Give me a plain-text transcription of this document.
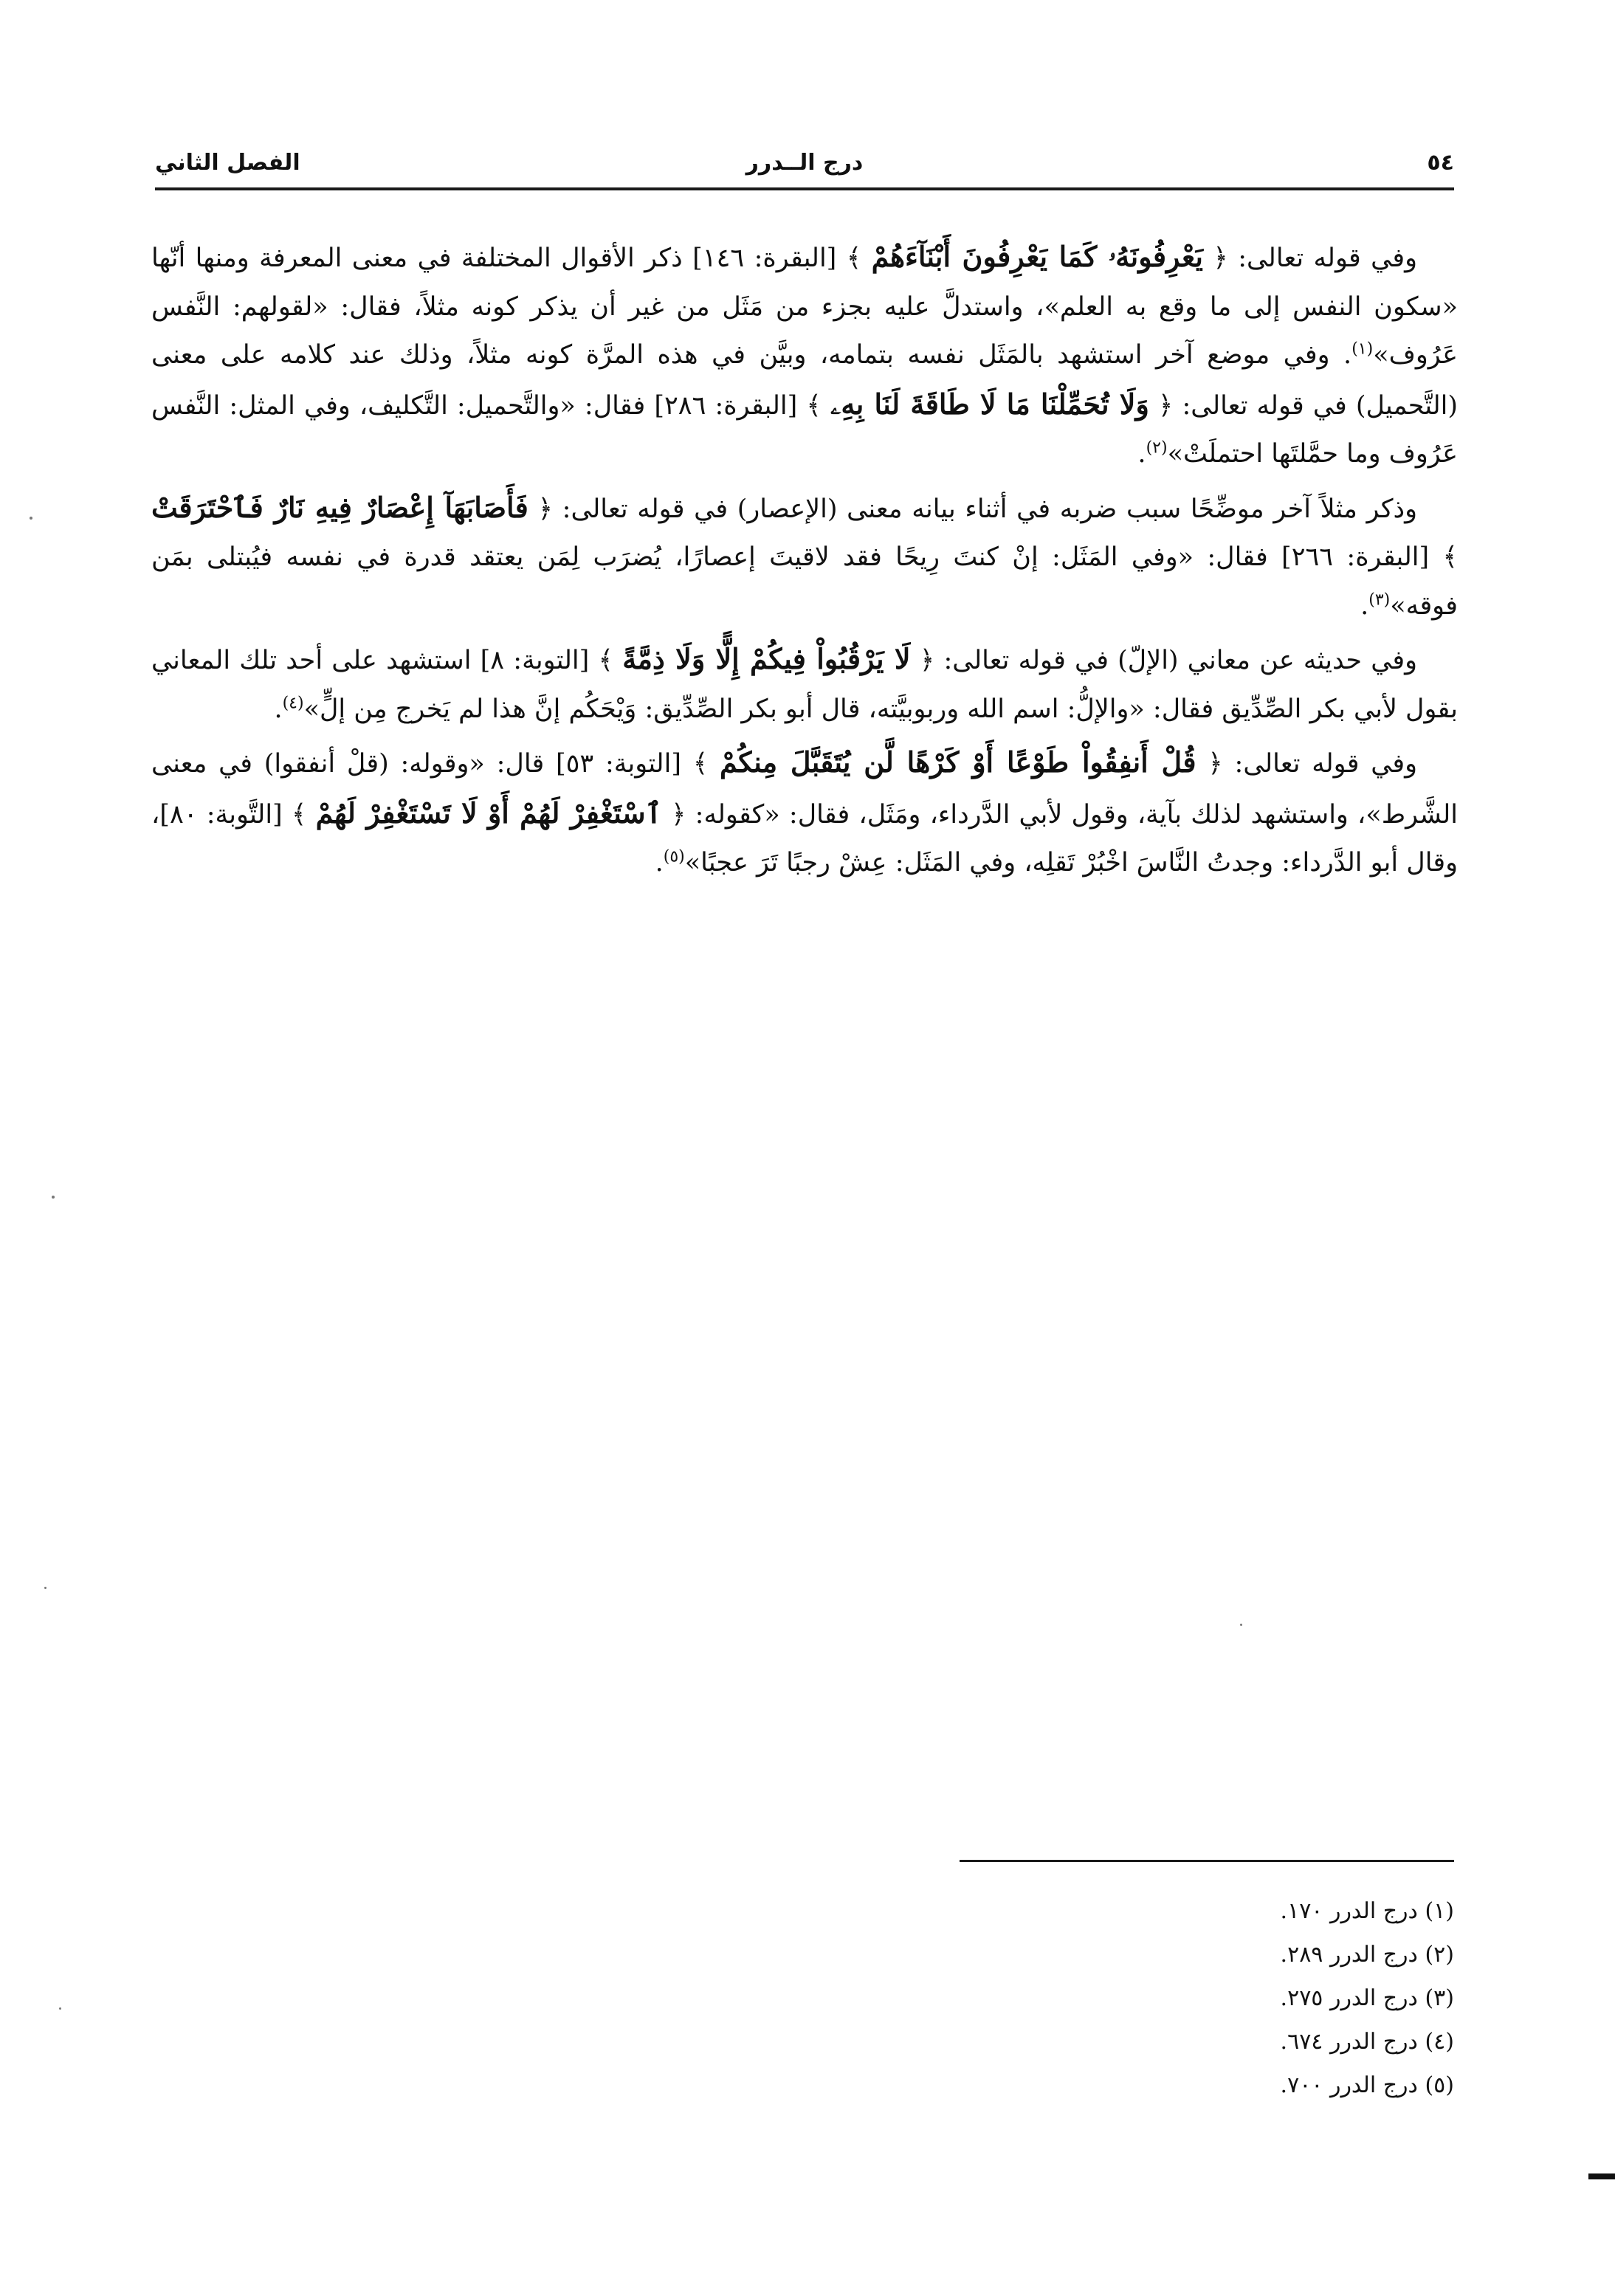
٥٤
درج الــدرر
الفصل الثاني

وفي قوله تعالى: ﴿ يَعْرِفُونَهُۥ كَمَا يَعْرِفُونَ أَبْنَآءَهُمْ ﴾ [البقرة: ١٤٦] ذكر الأقوال المختلفة في معنى المعرفة ومنها أنّها «سكون النفس إلى ما وقع به العلم»، واستدلَّ عليه بجزء من مَثَل من غير أن يذكر كونه مثلاً، فقال: «لقولهم: النَّفس عَرُوف»$^{(١)}$. وفي موضع آخر استشهد بالمَثَل نفسه بتمامه، وبيَّن في هذه المرَّة كونه مثلاً، وذلك عند كلامه على معنى (التَّحميل) في قوله تعالى: ﴿ وَلَا تُحَمِّلْنَا مَا لَا طَاقَةَ لَنَا بِهِۦ ﴾ [البقرة: ٢٨٦] فقال: «والتَّحميل: التَّكليف، وفي المثل: النَّفس عَرُوف وما حمَّلتَها احتملَتْ»$^{(٢)}$.

وذكر مثلاً آخر موضِّحًا سبب ضربه في أثناء بيانه معنى (الإعصار) في قوله تعالى: ﴿ فَأَصَابَهَآ إِعْصَارٌ فِيهِ نَارٌ فَٱحْتَرَقَتْ ﴾ [البقرة: ٢٦٦] فقال: «وفي المَثَل: إنْ كنتَ رِيحًا فقد لاقيتَ إعصارًا، يُضرَب لِمَن يعتقد قدرة في نفسه فيُبتلى بمَن فوقه»$^{(٣)}$.

وفي حديثه عن معاني (الإلّ) في قوله تعالى: ﴿ لَا يَرْقُبُواْ فِيكُمْ إِلًّا وَلَا ذِمَّةً ﴾ [التوبة: ٨] استشهد على أحد تلك المعاني بقول لأبي بكر الصِّدِّيق فقال: «والإلُّ: اسم الله وربوبيَّته، قال أبو بكر الصِّدِّيق: وَيْحَكُم إنَّ هذا لم يَخرج مِن إلٍّ»$^{(٤)}$.

وفي قوله تعالى: ﴿ قُلْ أَنفِقُواْ طَوْعًا أَوْ كَرْهًا لَّن يُتَقَبَّلَ مِنكُمْ ﴾ [التوبة: ٥٣] قال: «وقوله: (قلْ أنفقوا) في معنى الشَّرط»، واستشهد لذلك بآية، وقول لأبي الدَّرداء، ومَثَل، فقال: «كقوله: ﴿ ٱسْتَغْفِرْ لَهُمْ أَوْ لَا تَسْتَغْفِرْ لَهُمْ ﴾ [التَّوبة: ٨٠]، وقال أبو الدَّرداء: وجدتُ النَّاسَ اخْبُرْ تَقلِه، وفي المَثَل: عِشْ رجبًا تَرَ عجبًا»$^{(٥)}$.

(١) درج الدرر ١٧٠.
(٢) درج الدرر ٢٨٩.
(٣) درج الدرر ٢٧٥.
(٤) درج الدرر ٦٧٤.
(٥) درج الدرر ٧٠٠.
